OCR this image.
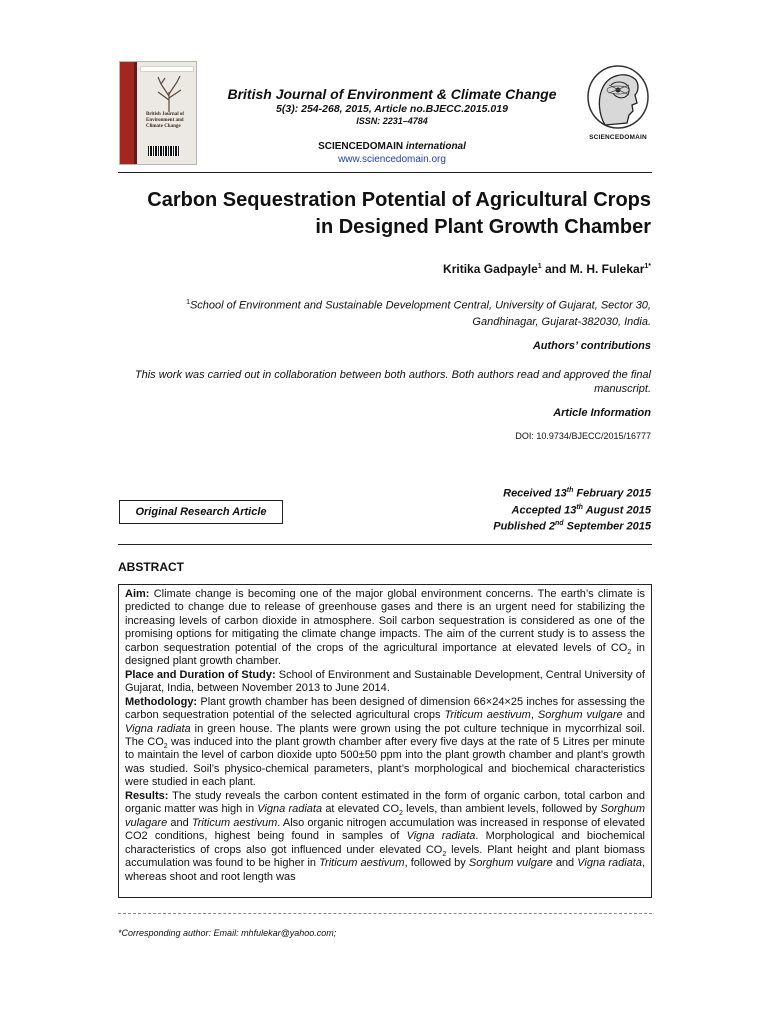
British Journal of Environment and Climate Change
British Journal of Environment & Climate Change
5(3): 254-268, 2015, Article no.BJECC.2015.019
ISSN: 2231–4784
SCIENCEDOMAIN international
www.sciencedomain.org
SCIENCEDOMAIN
Carbon Sequestration Potential of Agricultural Crops in Designed Plant Growth Chamber
Kritika Gadpayle$^1$ and M. H. Fulekar$^{1*}$
$^1$School of Environment and Sustainable Development Central, University of Gujarat, Sector 30, Gandhinagar, Gujarat-382030, India.
Authors’ contributions
This work was carried out in collaboration between both authors. Both authors read and approved the final manuscript.
Article Information
DOI: 10.9734/BJECC/2015/16777
Received 13th February 2015
Accepted 13th August 2015
Published 2nd September 2015
Original Research Article
ABSTRACT

Aim: Climate change is becoming one of the major global environment concerns. The earth’s climate is predicted to change due to release of greenhouse gases and there is an urgent need for stabilizing the increasing levels of carbon dioxide in atmosphere. Soil carbon sequestration is considered as one of the promising options for mitigating the climate change impacts. The aim of the current study is to assess the carbon sequestration potential of the crops of the agricultural importance at elevated levels of $CO_2$ in designed plant growth chamber.

Place and Duration of Study: School of Environment and Sustainable Development, Central University of Gujarat, India, between November 2013 to June 2014.

Methodology: Plant growth chamber has been designed of dimension 66×24×25 inches for assessing the carbon sequestration potential of the selected agricultural crops Triticum aestivum, Sorghum vulgare and Vigna radiata in green house. The plants were grown using the pot culture technique in mycorrhizal soil. The $CO_2$ was induced into the plant growth chamber after every five days at the rate of 5 Litres per minute to maintain the level of carbon dioxide upto 500±50 ppm into the plant growth chamber and plant’s growth was studied. Soil’s physico-chemical parameters, plant’s morphological and biochemical characteristics were studied in each plant.

Results: The study reveals the carbon content estimated in the form of organic carbon, total carbon and organic matter was high in Vigna radiata at elevated $CO_2$ levels, than ambient levels, followed by Sorghum vulagare and Triticum aestivum. Also organic nitrogen accumulation was increased in response of elevated CO2 conditions, highest being found in samples of Vigna radiata. Morphological and biochemical characteristics of crops also got influenced under elevated $CO_2$ levels. Plant height and plant biomass accumulation was found to be higher in Triticum aestivum, followed by Sorghum vulgare and Vigna radiata, whereas shoot and root length was

*Corresponding author: Email: mhfulekar@yahoo.com;
